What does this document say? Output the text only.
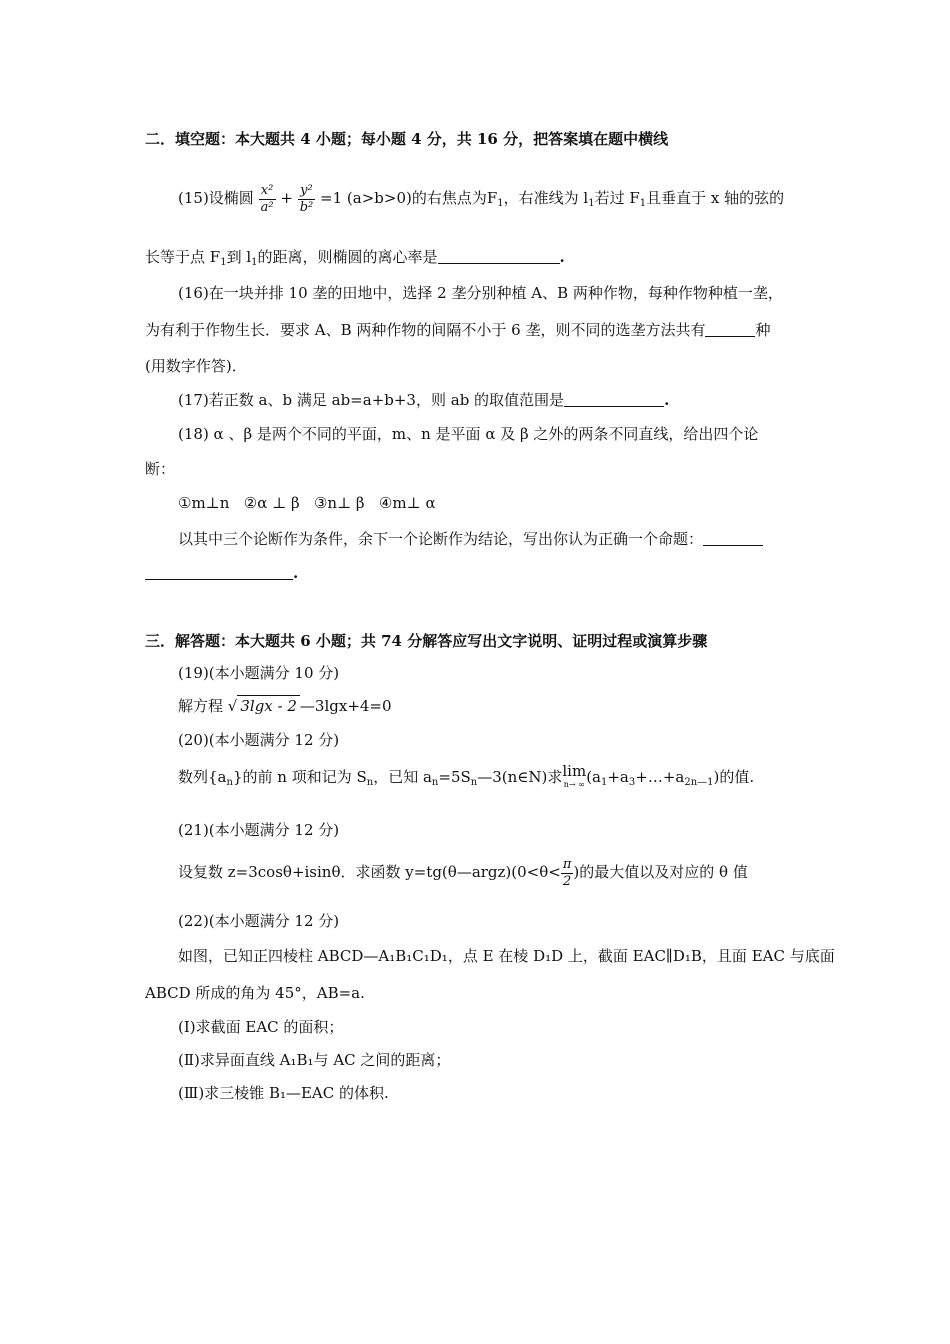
二．填空题：本大题共 4 小题；每小题 4 分，共 16 分，把答案填在题中横线
(15)设椭圆 $\frac{\text{x²}}{\text{a²}} + \frac{\text{y²}}{\text{b²}} =1$ (a>b>0)的右焦点为$F_1$，右准线为 $l_1$若过 $F_1$且垂直于 x 轴的弦的
长等于点 $F_1$到 $l_1$的距离，则椭圆的离心率是	.
(16)在一块并排 10 垄的田地中，选择 2 垄分别种植 A、B 两种作物，每种作物种植一垄，
为有利于作物生长．要求 A、B 两种作物的间隔不小于 6 垄，则不同的选垄方法共有	种
(用数字作答)．
(17)若正数 a、b 满足 ab=a+b+3，则 ab 的取值范围是	.
(18) α 、β 是两个不同的平面，m、n 是平面 α 及 β 之外的两条不同直线，给出四个论
断：
①m⊥n   ②α ⊥ β   ③n⊥ β   ④m⊥ α
以其中三个论断作为条件，余下一个论断作为结论，写出你认为正确一个命题：
.
三．解答题：本大题共 6 小题；共 74 分解答应写出文字说明、证明过程或演算步骤
(19)(本小题满分 10 分)
解方程 √ 3lgx - 2 —3lgx+4=0
(20)(本小题满分 12 分)
数列$\{a_n\}$的前 n 项和记为 $S_n$，已知 $a_n=5S_n—3(n\in N)$求 lim
n→ ∞ $(a_1+a_3+\dots+a_{2n—1})$的值.
(21)(本小题满分 12 分)
设复数 z=3cosθ+isinθ．求函数 y=tg(θ—argz)(0<θ< $\frac{\pi}{2}$ )的最大值以及对应的 θ 值
(22)(本小题满分 12 分)
如图，已知正四棱柱 ABCD—A₁B₁C₁D₁，点 E 在棱 D₁D 上，截面 EAC∥D₁B，且面 EAC 与底面
ABCD 所成的角为 45°，AB=a.
(Ⅰ)求截面 EAC 的面积；
(Ⅱ)求异面直线 A₁B₁与 AC 之间的距离；
(Ⅲ)求三棱锥 B₁—EAC 的体积.
